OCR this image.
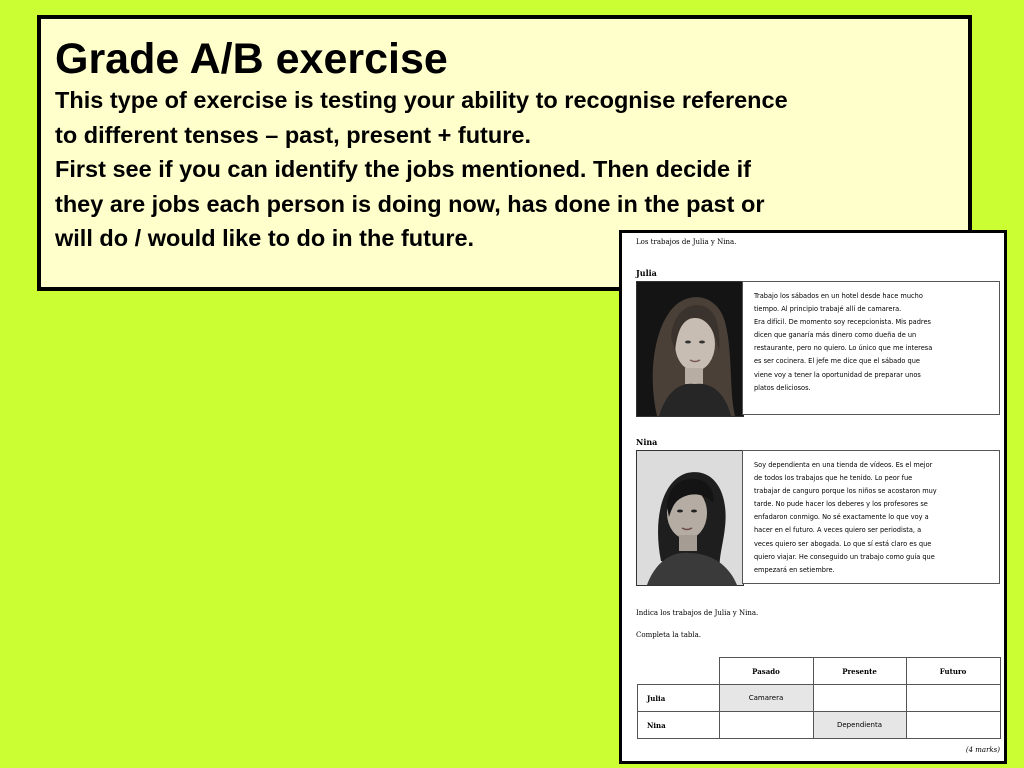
Grade A/B exercise
This type of exercise is testing your ability to recognise reference
to different tenses – past, present + future.
First see if you can identify the jobs mentioned. Then decide if
they are jobs each person is doing now, has done in the past or
will do / would like to do in the future.	Los trabajos de Julia y Nina.
Julia
Trabajo los sábados en un hotel desde hace mucho
tiempo. Al principio trabajé allí de camarera.
Era difícil. De momento soy recepcionista. Mis padres
dicen que ganaría más dinero como dueña de un
restaurante, pero no quiero. Lo único que me interesa
es ser cocinera. El jefe me dice que el sábado que
viene voy a tener la oportunidad de preparar unos
platos deliciosos.
Nina
Soy dependienta en una tienda de vídeos. Es el mejor
de todos los trabajos que he tenido. Lo peor fue
trabajar de canguro porque los niños se acostaron muy
tarde. No pude hacer los deberes y los profesores se
enfadaron conmigo. No sé exactamente lo que voy a
hacer en el futuro. A veces quiero ser periodista, a
veces quiero ser abogada. Lo que sí está claro es que
quiero viajar. He conseguido un trabajo como guía que
empezará en setiembre.
Indica los trabajos de Julia y Nina.
Completa la tabla.
	Pasado	Presente	Futuro
Julia	Camarera		
Nina		Dependienta	
(4 marks)
